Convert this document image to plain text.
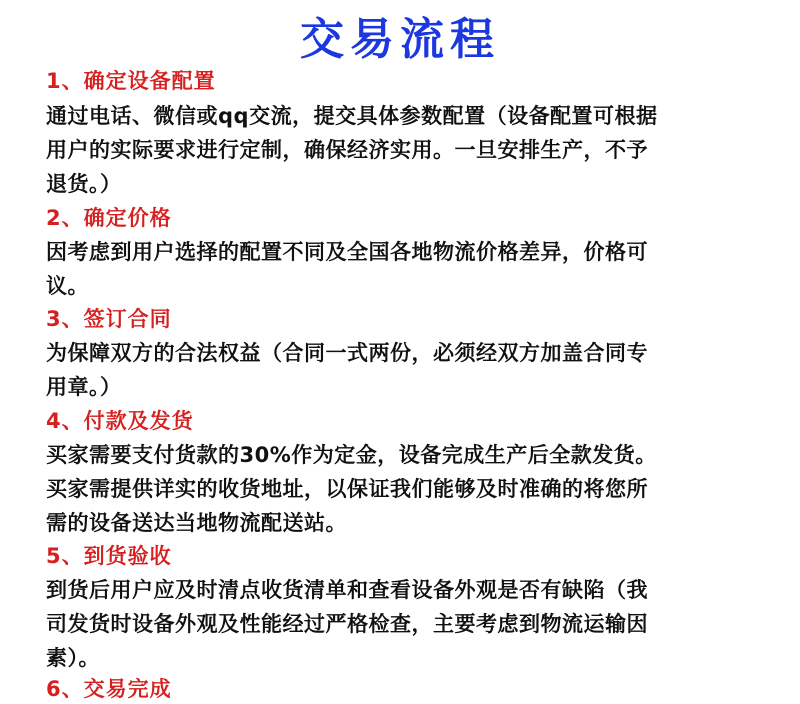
交易流程
1、确定设备配置
通过电话、微信或qq交流，提交具体参数配置（设备配置可根据
用户的实际要求进行定制，确保经济实用。一旦安排生产，不予
退货。）
2、确定价格
因考虑到用户选择的配置不同及全国各地物流价格差异，价格可
议。
3、签订合同
为保障双方的合法权益（合同一式两份，必须经双方加盖合同专
用章。）
4、付款及发货
买家需要支付货款的30%作为定金，设备完成生产后全款发货。
买家需提供详实的收货地址，以保证我们能够及时准确的将您所
需的设备送达当地物流配送站。
5、到货验收
到货后用户应及时清点收货清单和查看设备外观是否有缺陷（我
司发货时设备外观及性能经过严格检查，主要考虑到物流运输因
素）。
6、交易完成
